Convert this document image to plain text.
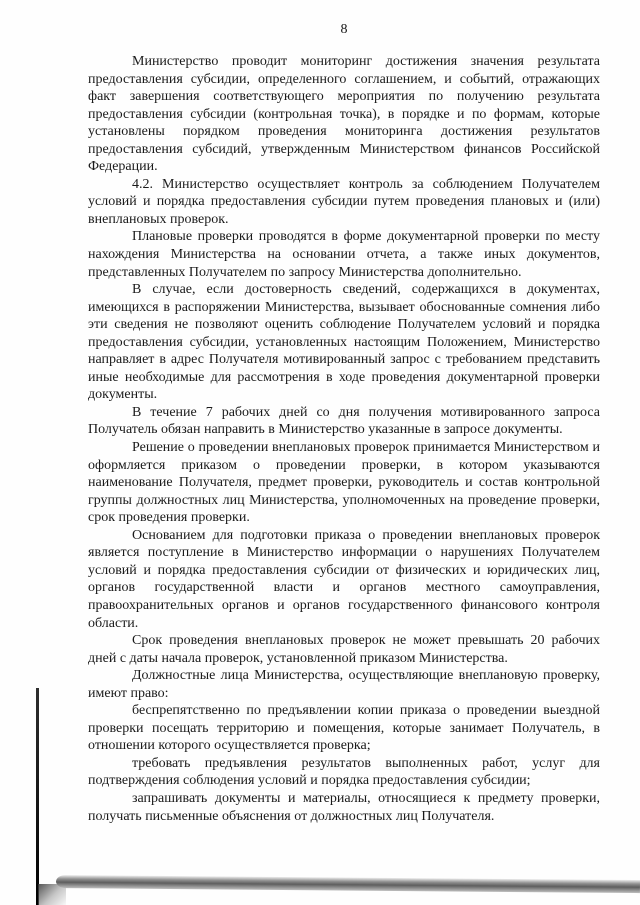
8

Министерство проводит мониторинг достижения значения результата предоставления субсидии, определенного соглашением, и событий, отражающих факт завершения соответствующего мероприятия по получению результата предоставления субсидии (контрольная точка), в порядке и по формам, которые установлены порядком проведения мониторинга достижения результатов предоставления субсидий, утвержденным Министерством финансов Российской Федерации.

4.2. Министерство осуществляет контроль за соблюдением Получателем условий и порядка предоставления субсидии путем проведения плановых и (или) внеплановых проверок.

Плановые проверки проводятся в форме документарной проверки по месту нахождения Министерства на основании отчета, а также иных документов, представленных Получателем по запросу Министерства дополнительно.

В случае, если достоверность сведений, содержащихся в документах, имеющихся в распоряжении Министерства, вызывает обоснованные сомнения либо эти сведения не позволяют оценить соблюдение Получателем условий и порядка предоставления субсидии, установленных настоящим Положением, Министерство направляет в адрес Получателя мотивированный запрос с требованием представить иные необходимые для рассмотрения в ходе проведения документарной проверки документы.

В течение 7 рабочих дней со дня получения мотивированного запроса Получатель обязан направить в Министерство указанные в запросе документы.

Решение о проведении внеплановых проверок принимается Министерством и оформляется приказом о проведении проверки, в котором указываются наименование Получателя, предмет проверки, руководитель и состав контрольной группы должностных лиц Министерства, уполномоченных на проведение проверки, срок проведения проверки.

Основанием для подготовки приказа о проведении внеплановых проверок является поступление в Министерство информации о нарушениях Получателем условий и порядка предоставления субсидии от физических и юридических лиц, органов государственной власти и органов местного самоуправления, правоохранительных органов и органов государственного финансового контроля области.

Срок проведения внеплановых проверок не может превышать 20 рабочих дней с даты начала проверок, установленной приказом Министерства.

Должностные лица Министерства, осуществляющие внеплановую проверку, имеют право:

беспрепятственно по предъявлении копии приказа о проведении выездной проверки посещать территорию и помещения, которые занимает Получатель, в отношении которого осуществляется проверка;

требовать предъявления результатов выполненных работ, услуг для подтверждения соблюдения условий и порядка предоставления субсидии;

запрашивать документы и материалы, относящиеся к предмету проверки, получать письменные объяснения от должностных лиц Получателя.
